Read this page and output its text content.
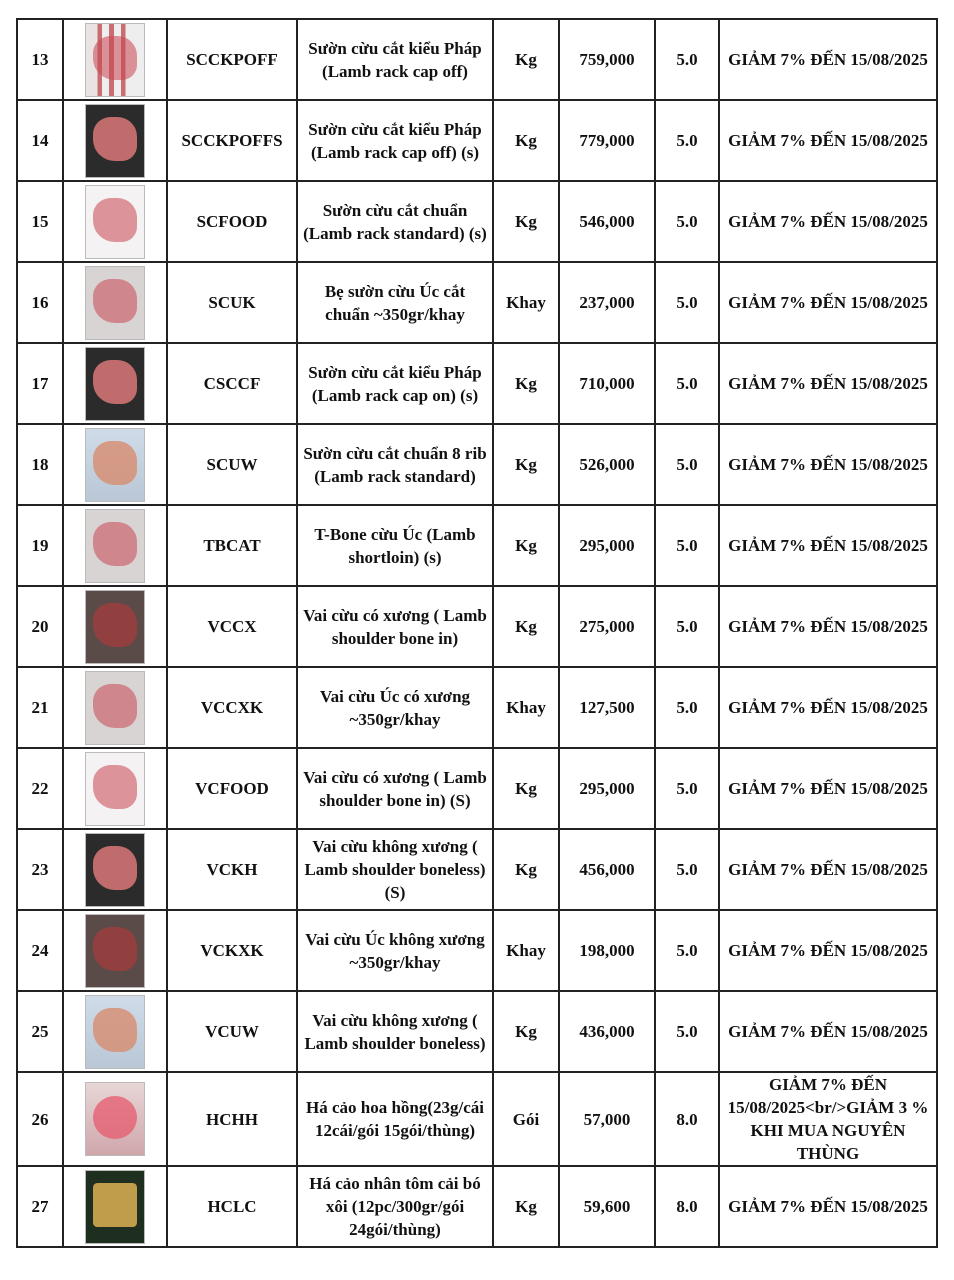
13		SCCKPOFF	Sườn cừu cắt kiểu Pháp (Lamb rack cap off)	Kg	759,000	5.0	GIẢM 7% ĐẾN 15/08/2025
14		SCCKPOFFS	Sườn cừu cắt kiểu Pháp (Lamb rack cap off) (s)	Kg	779,000	5.0	GIẢM 7% ĐẾN 15/08/2025
15		SCFOOD	Sườn cừu cắt chuẩn (Lamb rack standard) (s)	Kg	546,000	5.0	GIẢM 7% ĐẾN 15/08/2025
16		SCUK	Bẹ sườn cừu Úc cắt chuẩn ~350gr/khay	Khay	237,000	5.0	GIẢM 7% ĐẾN 15/08/2025
17		CSCCF	Sườn cừu cắt kiểu Pháp (Lamb rack cap on) (s)	Kg	710,000	5.0	GIẢM 7% ĐẾN 15/08/2025
18		SCUW	Sườn cừu cắt chuẩn 8 rib (Lamb rack standard)	Kg	526,000	5.0	GIẢM 7% ĐẾN 15/08/2025
19		TBCAT	T-Bone cừu Úc (Lamb shortloin) (s)	Kg	295,000	5.0	GIẢM 7% ĐẾN 15/08/2025
20		VCCX	Vai cừu có xương ( Lamb shoulder bone in)	Kg	275,000	5.0	GIẢM 7% ĐẾN 15/08/2025
21		VCCXK	Vai cừu Úc có xương ~350gr/khay	Khay	127,500	5.0	GIẢM 7% ĐẾN 15/08/2025
22		VCFOOD	Vai cừu có xương ( Lamb shoulder bone in) (S)	Kg	295,000	5.0	GIẢM 7% ĐẾN 15/08/2025
23		VCKH	Vai cừu không xương ( Lamb shoulder boneless) (S)	Kg	456,000	5.0	GIẢM 7% ĐẾN 15/08/2025
24		VCKXK	Vai cừu Úc không xương ~350gr/khay	Khay	198,000	5.0	GIẢM 7% ĐẾN 15/08/2025
25		VCUW	Vai cừu không xương ( Lamb shoulder boneless)	Kg	436,000	5.0	GIẢM 7% ĐẾN 15/08/2025
26		HCHH	Há cảo hoa hồng(23g/cái 12cái/gói 15gói/thùng)	Gói	57,000	8.0	GIẢM 7% ĐẾN 15/08/2025<br/>GIẢM 3 % KHI MUA NGUYÊN THÙNG
27		HCLC	Há cảo nhân tôm cải bó xôi (12pc/300gr/gói 24gói/thùng)	Kg	59,600	8.0	GIẢM 7% ĐẾN 15/08/2025
